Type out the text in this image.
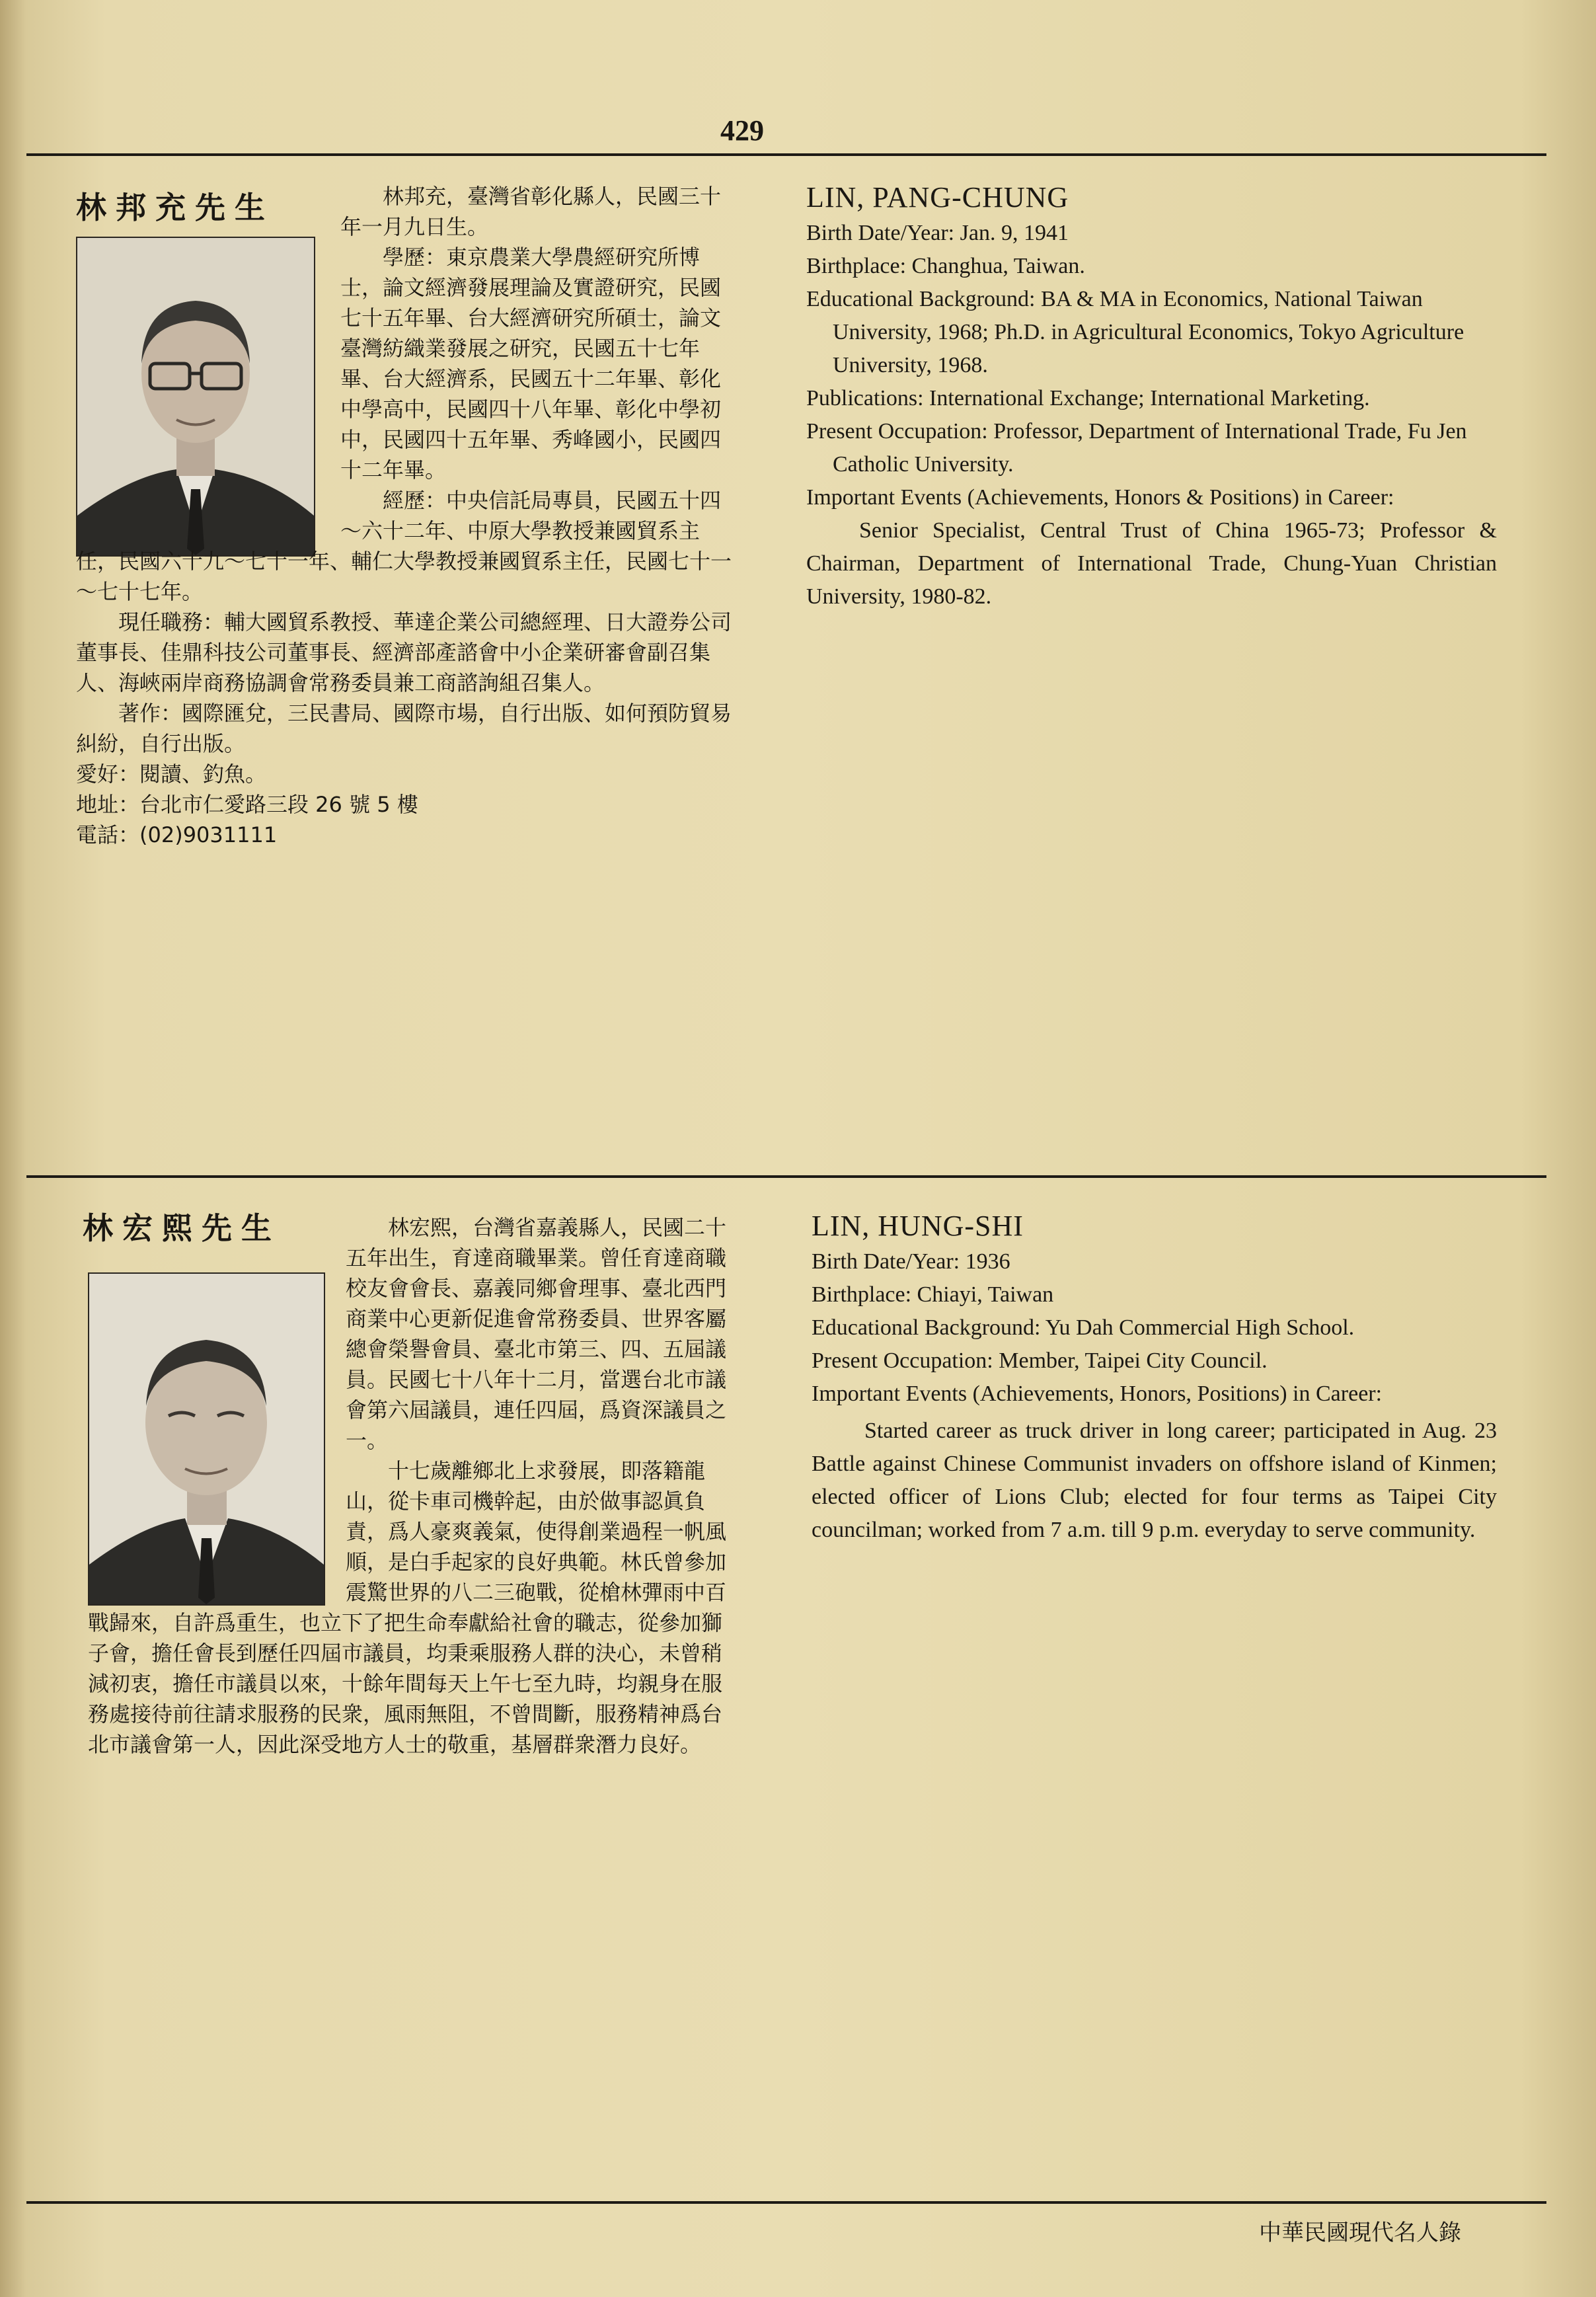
429
林邦充先生	林邦充，臺灣省彰化縣人，民國三十年一月九日生。

學歷：東京農業大學農經研究所博士，論文經濟發展理論及實證研究，民國七十五年畢、台大經濟研究所碩士，論文臺灣紡織業發展之研究，民國五十七年畢、台大經濟系，民國五十二年畢、彰化中學高中，民國四十八年畢、彰化中學初中，民國四十五年畢、秀峰國小，民國四十二年畢。

經歷：中央信託局專員，民國五十四～六十二年、中原大學教授兼國貿系主任，民國六十九～七十一年、輔仁大學教授兼國貿系主任，民國七十一～七十七年。

現任職務：輔大國貿系教授、華達企業公司總經理、日大證券公司董事長、佳鼎科技公司董事長、經濟部產諮會中小企業研審會副召集人、海峽兩岸商務協調會常務委員兼工商諮詢組召集人。

著作：國際匯兌，三民書局、國際市場，自行出版、如何預防貿易糾紛，自行出版。

愛好：閱讀、釣魚。

地址：台北市仁愛路三段 26 號 5 樓

電話：(02)9031111

LIN, PANG-CHUNG

Birth Date/Year: Jan. 9, 1941

Birthplace: Changhua, Taiwan.

Educational Background: BA & MA in Economics, National Taiwan University, 1968; Ph.D. in Agricultural Economics, Tokyo Agriculture University, 1968.

Publications: International Exchange; International Marketing.

Present Occupation: Professor, Department of International Trade, Fu Jen Catholic University.

Important Events (Achievements, Honors & Positions) in Career:

Senior Specialist, Central Trust of China 1965-73; Professor & Chairman, Department of International Trade, Chung-Yuan Christian University, 1980-82.

林宏熙先生	林宏熙，台灣省嘉義縣人，民國二十五年出生，育達商職畢業。曾任育達商職校友會會長、嘉義同鄉會理事、臺北西門商業中心更新促進會常務委員、世界客屬總會榮譽會員、臺北市第三、四、五屆議員。民國七十八年十二月，當選台北市議會第六屆議員，連任四屆，爲資深議員之一。

十七歲離鄉北上求發展，即落籍龍山，從卡車司機幹起，由於做事認眞負責，爲人豪爽義氣，使得創業過程一帆風順，是白手起家的良好典範。林氏曾參加震驚世界的八二三砲戰，從槍林彈雨中百戰歸來，自許爲重生，也立下了把生命奉獻給社會的職志，從參加獅子會，擔任會長到歷任四屆市議員，均秉乘服務人群的決心，未曾稍減初衷，擔任市議員以來，十餘年間每天上午七至九時，均親身在服務處接待前往請求服務的民衆，風雨無阻，不曾間斷，服務精神爲台北市議會第一人，因此深受地方人士的敬重，基層群衆潛力良好。

LIN, HUNG-SHI

Birth Date/Year: 1936

Birthplace: Chiayi, Taiwan

Educational Background: Yu Dah Commercial High School.

Present Occupation: Member, Taipei City Council.

Important Events (Achievements, Honors, Positions) in Career:

Started career as truck driver in long career; participated in Aug. 23 Battle against Chinese Communist invaders on offshore island of Kinmen; elected officer of Lions Club; elected for four terms as Taipei City councilman; worked from 7 a.m. till 9 p.m. everyday to serve community.

中華民國現代名人錄
